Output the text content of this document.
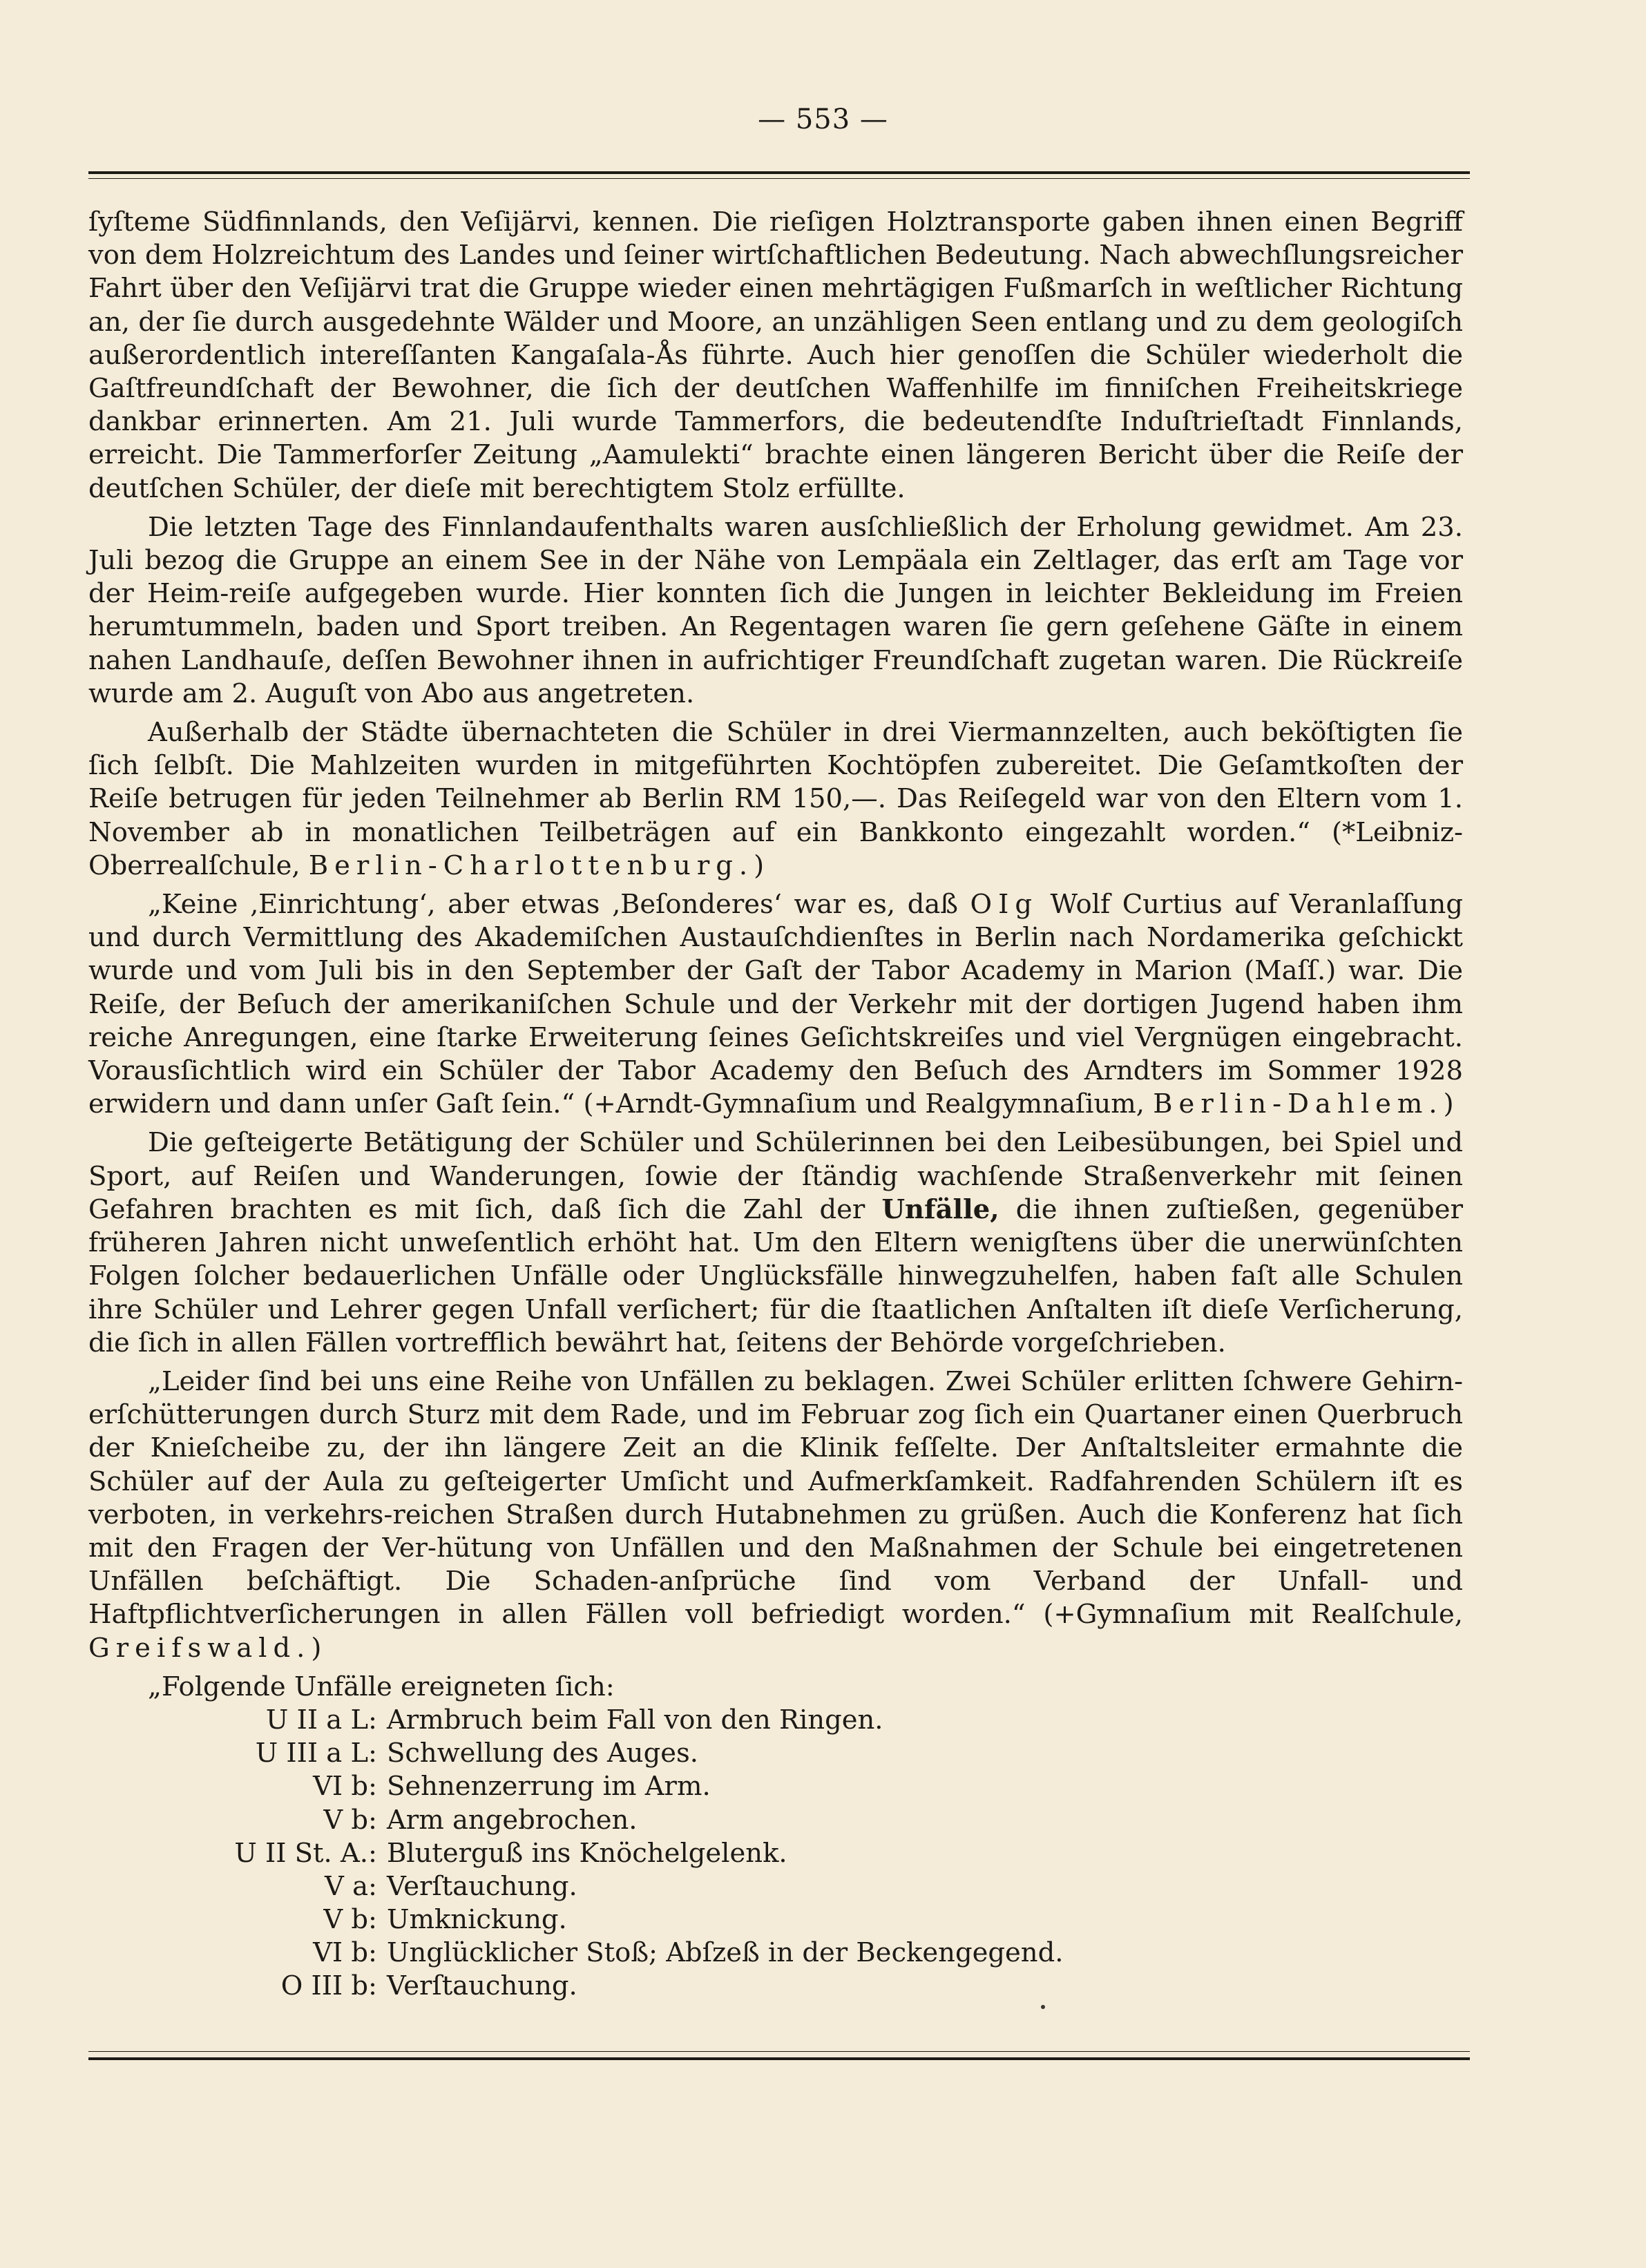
— 553 —

ſyſteme Südfinnlands, den Veſijärvi, kennen. Die rieſigen Holztransporte gaben ihnen einen Begriff von dem Holzreichtum des Landes und ſeiner wirtſchaftlichen Bedeutung. Nach abwechſlungsreicher Fahrt über den Veſijärvi trat die Gruppe wieder einen mehrtägigen Fußmarſch in weſtlicher Richtung an, der ſie durch ausgedehnte Wälder und Moore, an unzähligen Seen entlang und zu dem geologiſch außerordentlich intereſſanten Kangaſala-Ås führte. Auch hier genoſſen die Schüler wiederholt die Gaſtfreundſchaft der Bewohner, die ſich der deutſchen Waffenhilfe im finniſchen Freiheitskriege dankbar erinnerten. Am 21. Juli wurde Tammerfors, die bedeutendſte Induſtrieſtadt Finnlands, erreicht. Die Tammerforſer Zeitung „Aamulekti“ brachte einen längeren Bericht über die Reiſe der deutſchen Schüler, der dieſe mit berechtigtem Stolz erfüllte.

Die letzten Tage des Finnlandaufenthalts waren ausſchließlich der Erholung gewidmet. Am 23. Juli bezog die Gruppe an einem See in der Nähe von Lempäala ein Zeltlager, das erſt am Tage vor der Heim-reiſe aufgegeben wurde. Hier konnten ſich die Jungen in leichter Bekleidung im Freien herumtummeln, baden und Sport treiben. An Regentagen waren ſie gern geſehene Gäſte in einem nahen Landhauſe, deſſen Bewohner ihnen in aufrichtiger Freundſchaft zugetan waren. Die Rückreiſe wurde am 2. Auguſt von Abo aus angetreten.

Außerhalb der Städte übernachteten die Schüler in drei Viermannzelten, auch beköſtigten ſie ſich ſelbſt. Die Mahlzeiten wurden in mitgeführten Kochtöpfen zubereitet. Die Geſamtkoſten der Reiſe betrugen für jeden Teilnehmer ab Berlin RM 150,—. Das Reiſegeld war von den Eltern vom 1. November ab in monatlichen Teilbeträgen auf ein Bankkonto eingezahlt worden.“ (*Leibniz-Oberrealſchule, Berlin-Charlottenburg.)

„Keine ‚Einrichtung‘, aber etwas ‚Beſonderes‘ war es, daß OIg Wolf Curtius auf Veranlaſſung und durch Vermittlung des Akademiſchen Austauſchdienſtes in Berlin nach Nordamerika geſchickt wurde und vom Juli bis in den September der Gaſt der Tabor Academy in Marion (Maſſ.) war. Die Reiſe, der Beſuch der amerikaniſchen Schule und der Verkehr mit der dortigen Jugend haben ihm reiche Anregungen, eine ſtarke Erweiterung ſeines Geſichtskreiſes und viel Vergnügen eingebracht. Vorausſichtlich wird ein Schüler der Tabor Academy den Beſuch des Arndters im Sommer 1928 erwidern und dann unſer Gaſt ſein.“ (+Arndt-Gymnaſium und Realgymnaſium, Berlin-Dahlem.)

Die geſteigerte Betätigung der Schüler und Schülerinnen bei den Leibesübungen, bei Spiel und Sport, auf Reiſen und Wanderungen, ſowie der ſtändig wachſende Straßenverkehr mit ſeinen Gefahren brachten es mit ſich, daß ſich die Zahl der Unfälle, die ihnen zuſtießen, gegenüber früheren Jahren nicht unweſentlich erhöht hat. Um den Eltern wenigſtens über die unerwünſchten Folgen ſolcher bedauerlichen Unfälle oder Unglücksfälle hinwegzuhelfen, haben faſt alle Schulen ihre Schüler und Lehrer gegen Unfall verſichert; für die ſtaatlichen Anſtalten iſt dieſe Verſicherung, die ſich in allen Fällen vortrefflich bewährt hat, ſeitens der Behörde vorgeſchrieben.

„Leider ſind bei uns eine Reihe von Unfällen zu beklagen. Zwei Schüler erlitten ſchwere Gehirn-erſchütterungen durch Sturz mit dem Rade, und im Februar zog ſich ein Quartaner einen Querbruch der Knieſcheibe zu, der ihn längere Zeit an die Klinik feſſelte. Der Anſtaltsleiter ermahnte die Schüler auf der Aula zu geſteigerter Umſicht und Aufmerkſamkeit. Radfahrenden Schülern iſt es verboten, in verkehrs-reichen Straßen durch Hutabnehmen zu grüßen. Auch die Konferenz hat ſich mit den Fragen der Ver-hütung von Unfällen und den Maßnahmen der Schule bei eingetretenen Unfällen beſchäftigt. Die Schaden-anſprüche ſind vom Verband der Unfall- und Haftpflichtverſicherungen in allen Fällen voll befriedigt worden.“ (+Gymnaſium mit Realſchule, Greifswald.)

„Folgende Unfälle ereigneten ſich:

U II a L: Armbruch beim Fall von den Ringen.
U III a L: Schwellung des Auges.
VI b: Sehnenzerrung im Arm.
V b: Arm angebrochen.
U II St. A.: Bluterguß ins Knöchelgelenk.
V a: Verſtauchung.
V b: Umknickung.
VI b: Unglücklicher Stoß; Abſzeß in der Beckengegend.
O III b: Verſtauchung.
